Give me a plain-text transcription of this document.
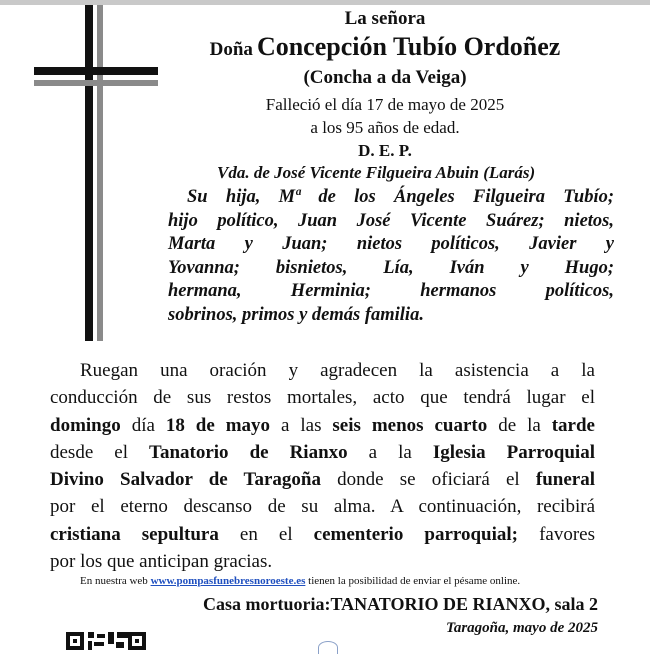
La señora
Doña Concepción Tubío Ordoñez
(Concha a da Veiga)
Falleció el día 17 de mayo de 2025
a los 95 años de edad.
D. E. P.
Vda. de José Vicente Filgueira Abuin (Larás)
Su hija, Mª de los Ángeles Filgueira Tubío;
hijo político, Juan José Vicente Suárez; nietos,
Marta y Juan; nietos políticos, Javier y
Yovanna; bisnietos, Lía, Iván y Hugo;
hermana, Herminia; hermanos políticos,
sobrinos, primos y demás familia.
Ruegan una oración y agradecen la asistencia a la
conducción de sus restos mortales, acto que tendrá lugar el
domingo día 18 de mayo a las seis menos cuarto de la tarde
desde el Tanatorio de Rianxo a la Iglesia Parroquial
Divino Salvador de Taragoña donde se oficiará el funeral
por el eterno descanso de su alma. A continuación, recibirá
cristiana sepultura en el cementerio parroquial; favores
por los que anticipan gracias.
En nuestra web www.pompasfunebresnoroeste.es tienen la posibilidad de enviar el pésame online.
Casa mortuoria:TANATORIO DE RIANXO, sala 2
Taragoña, mayo de 2025
